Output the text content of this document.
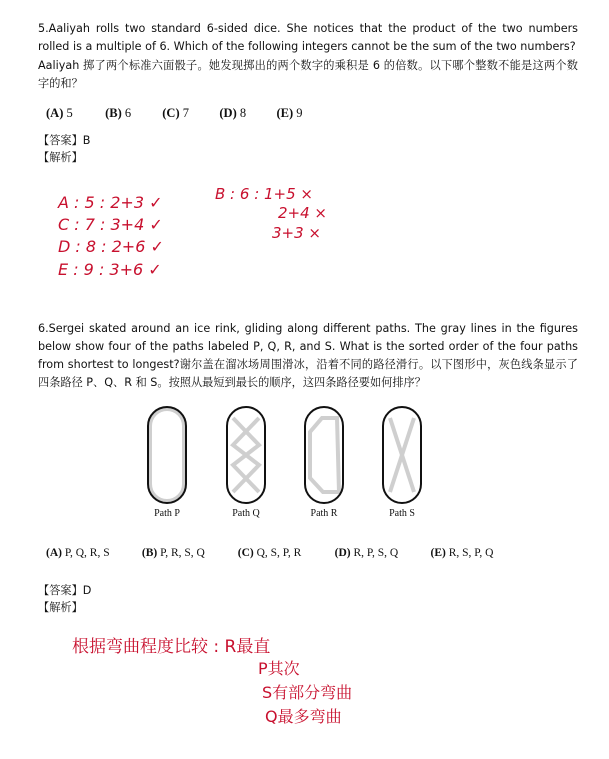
5.Aaliyah rolls two standard 6-sided dice. She notices that the product of the two numbers rolled is a multiple of 6. Which of the following integers cannot be the sum of the two numbers?

Aaliyah 掷了两个标准六面骰子。她发现掷出的两个数字的乘积是 6 的倍数。以下哪个整数不能是这两个数字的和？

(A) 5	(B) 6 (C) 7 (D) 8 (E) 9
【答案】B
【解析】
A : 5 : 2+3 ✓
C : 7 : 3+4 ✓
D : 8 : 2+6 ✓
E : 9 : 3+6 ✓
B : 6 : 1+5 ×
2+4 ×
3+3 ×

6.Sergei skated around an ice rink, gliding along different paths. The gray lines in the figures below show four of the paths labeled P, Q, R, and S. What is the sorted order of the four paths from shortest to longest?谢尔盖在溜冰场周围滑冰，沿着不同的路径滑行。以下图形中，灰色线条显示了四条路径 P、Q、R 和 S。按照从最短到最长的顺序，这四条路径要如何排序？

Path P	Path Q	Path R	Path S
(A) P, Q, R, S	(B) P, R, S, Q	(C) Q, S, P, R	(D) R, P, S, Q	(E) R, S, P, Q
【答案】D
【解析】
根据弯曲程度比较 : R最直
P其次
S有部分弯曲
Q最多弯曲
